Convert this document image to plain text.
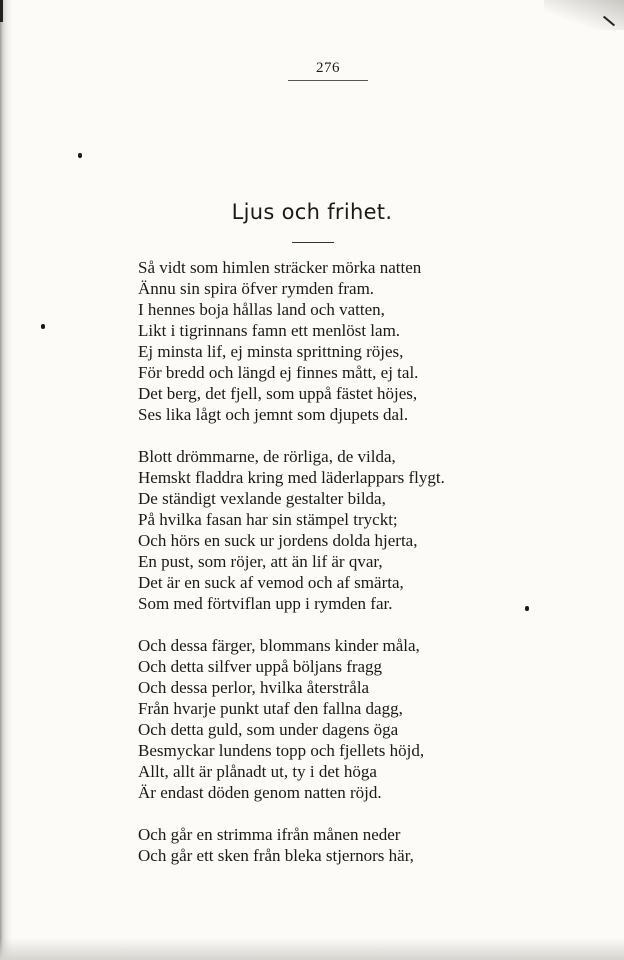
276
Ljus och frihet.
Så vidt som himlen sträcker mörka natten
Ännu sin spira öfver rymden fram.
I hennes boja hållas land och vatten,
Likt i tigrinnans famn ett menlöst lam.
Ej minsta lif, ej minsta sprittning röjes,
För bredd och längd ej finnes mått, ej tal.
Det berg, det fjell, som uppå fästet höjes,
Ses lika lågt och jemnt som djupets dal.
Blott drömmarne, de rörliga, de vilda,
Hemskt fladdra kring med läderlappars flygt.
De ständigt vexlande gestalter bilda,
På hvilka fasan har sin stämpel tryckt;
Och hörs en suck ur jordens dolda hjerta,
En pust, som röjer, att än lif är qvar,
Det är en suck af vemod och af smärta,
Som med förtviflan upp i rymden far.
Och dessa färger, blommans kinder måla,
Och detta silfver uppå böljans fragg
Och dessa perlor, hvilka återstråla
Från hvarje punkt utaf den fallna dagg,
Och detta guld, som under dagens öga
Besmyckar lundens topp och fjellets höjd,
Allt, allt är plånadt ut, ty i det höga
Är endast döden genom natten röjd.
Och går en strimma ifrån månen neder
Och går ett sken från bleka stjernors här,
